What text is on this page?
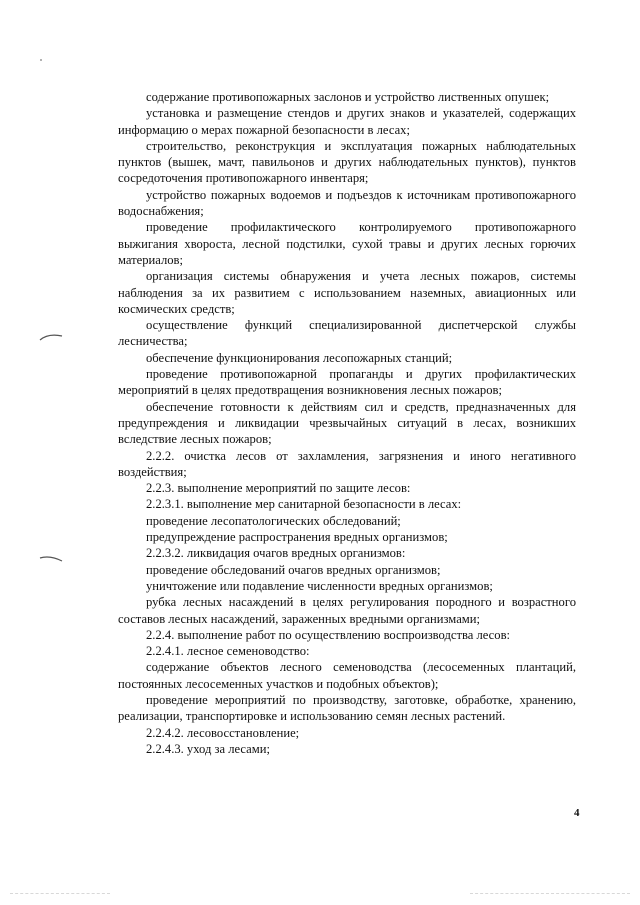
содержание противопожарных заслонов и устройство лиственных опушек;

установка и размещение стендов и других знаков и указателей, содержащих информацию о мерах пожарной безопасности в лесах;

строительство, реконструкция и эксплуатация пожарных наблюдательных пунктов (вышек, мачт, павильонов и других наблюдательных пунктов), пунктов сосредоточения противопожарного инвентаря;

устройство пожарных водоемов и подъездов к источникам противопожарного водоснабжения;

проведение профилактического контролируемого противопожарного выжигания хвороста, лесной подстилки, сухой травы и других лесных горючих материалов;

организация системы обнаружения и учета лесных пожаров, системы наблюдения за их развитием с использованием наземных, авиационных или космических средств;

осуществление функций специализированной диспетчерской службы лесничества;

обеспечение функционирования лесопожарных станций;

проведение противопожарной пропаганды и других профилактических мероприятий в целях предотвращения возникновения лесных пожаров;

обеспечение готовности к действиям сил и средств, предназначенных для предупреждения и ликвидации чрезвычайных ситуаций в лесах, возникших вследствие лесных пожаров;

2.2.2. очистка лесов от захламления, загрязнения и иного негативного воздействия;

2.2.3. выполнение мероприятий по защите лесов:

2.2.3.1. выполнение мер санитарной безопасности в лесах:

проведение лесопатологических обследований;

предупреждение распространения вредных организмов;

2.2.3.2. ликвидация очагов вредных организмов:

проведение обследований очагов вредных организмов;

уничтожение или подавление численности вредных организмов;

рубка лесных насаждений в целях регулирования породного и возрастного составов лесных насаждений, зараженных вредными организмами;

2.2.4. выполнение работ по осуществлению воспроизводства лесов:

2.2.4.1. лесное семеноводство:

содержание объектов лесного семеноводства (лесосеменных плантаций, постоянных лесосеменных участков и подобных объектов);

проведение мероприятий по производству, заготовке, обработке, хранению, реализации, транспортировке и использованию семян лесных растений.

2.2.4.2. лесовосстановление;

2.2.4.3. уход за лесами;

4
